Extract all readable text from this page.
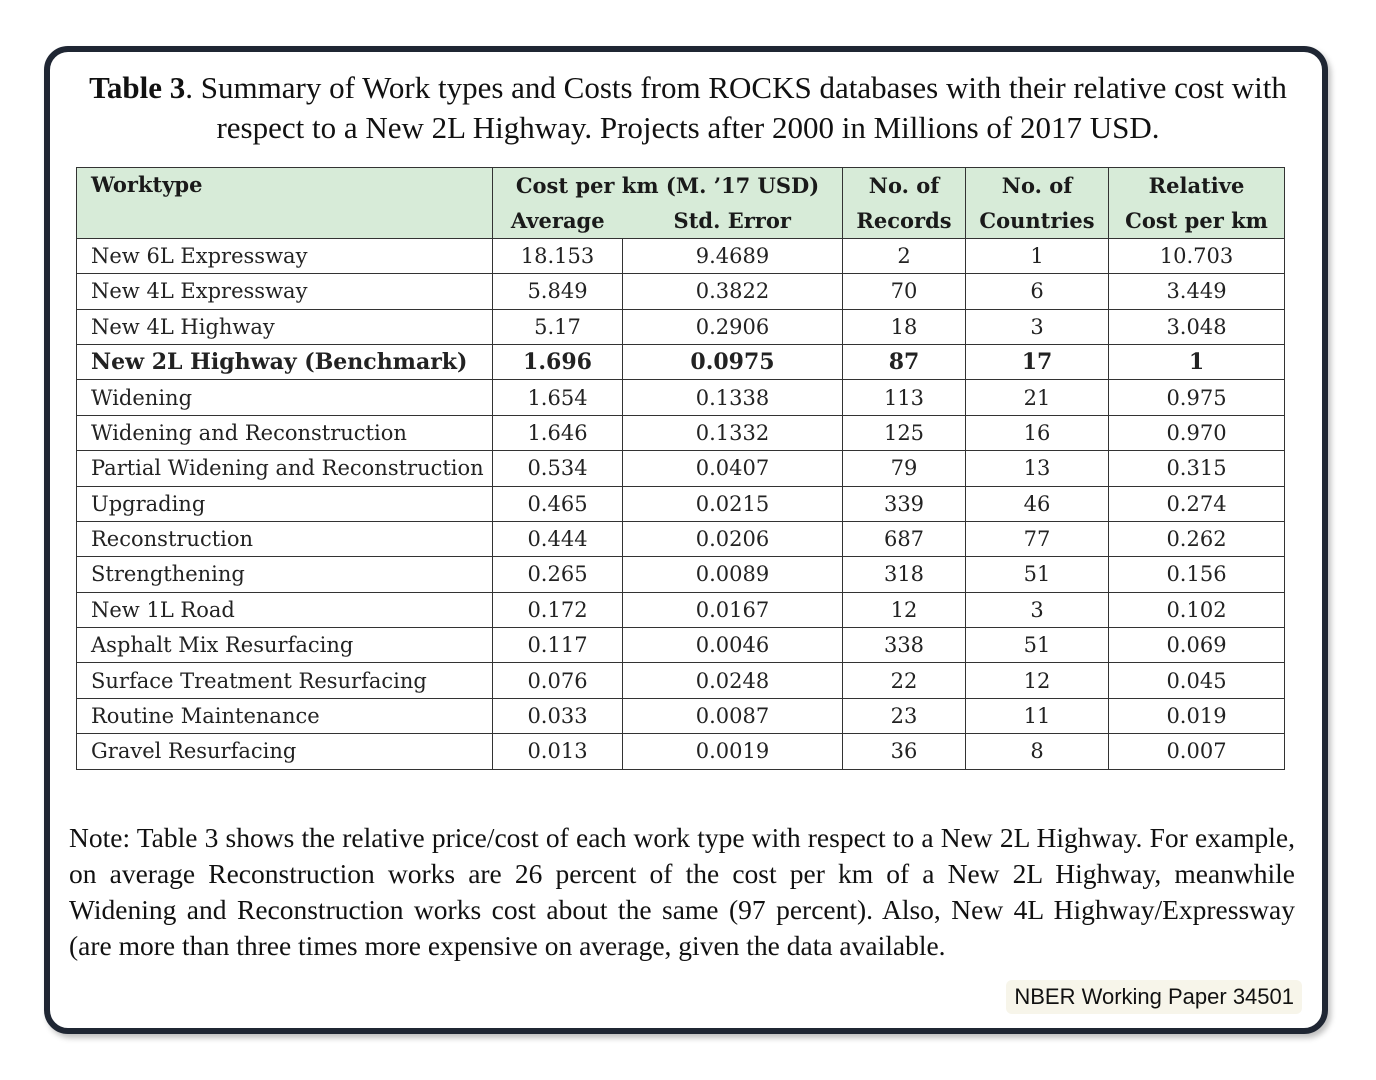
Table 3. Summary of Work types and Costs from ROCKS databases with their relative cost with respect to a New 2L Highway. Projects after 2000 in Millions of 2017 USD.
Worktype	Cost per km (M. ’17 USD)		No. of	No. of	Relative
	Average	Std. Error	Records	Countries	Cost per km
New 6L Expressway	18.153	9.4689	2	1	10.703
New 4L Expressway	5.849	0.3822	70	6	3.449
New 4L Highway	5.17	0.2906	18	3	3.048
New 2L Highway (Benchmark)	1.696	0.0975	87	17	1
Widening	1.654	0.1338	113	21	0.975
Widening and Reconstruction	1.646	0.1332	125	16	0.970
Partial Widening and Reconstruction	0.534	0.0407	79	13	0.315
Upgrading	0.465	0.0215	339	46	0.274
Reconstruction	0.444	0.0206	687	77	0.262
Strengthening	0.265	0.0089	318	51	0.156
New 1L Road	0.172	0.0167	12	3	0.102
Asphalt Mix Resurfacing	0.117	0.0046	338	51	0.069
Surface Treatment Resurfacing	0.076	0.0248	22	12	0.045
Routine Maintenance	0.033	0.0087	23	11	0.019
Gravel Resurfacing	0.013	0.0019	36	8	0.007
Note: Table 3 shows the relative price/cost of each work type with respect to a New 2L Highway. For example, on average Reconstruction works are 26 percent of the cost per km of a New 2L Highway, meanwhile Widening and Reconstruction works cost about the same (97 percent). Also, New 4L Highway/Expressway (are more than three times more expensive on average, given the data available.
NBER Working Paper 34501
